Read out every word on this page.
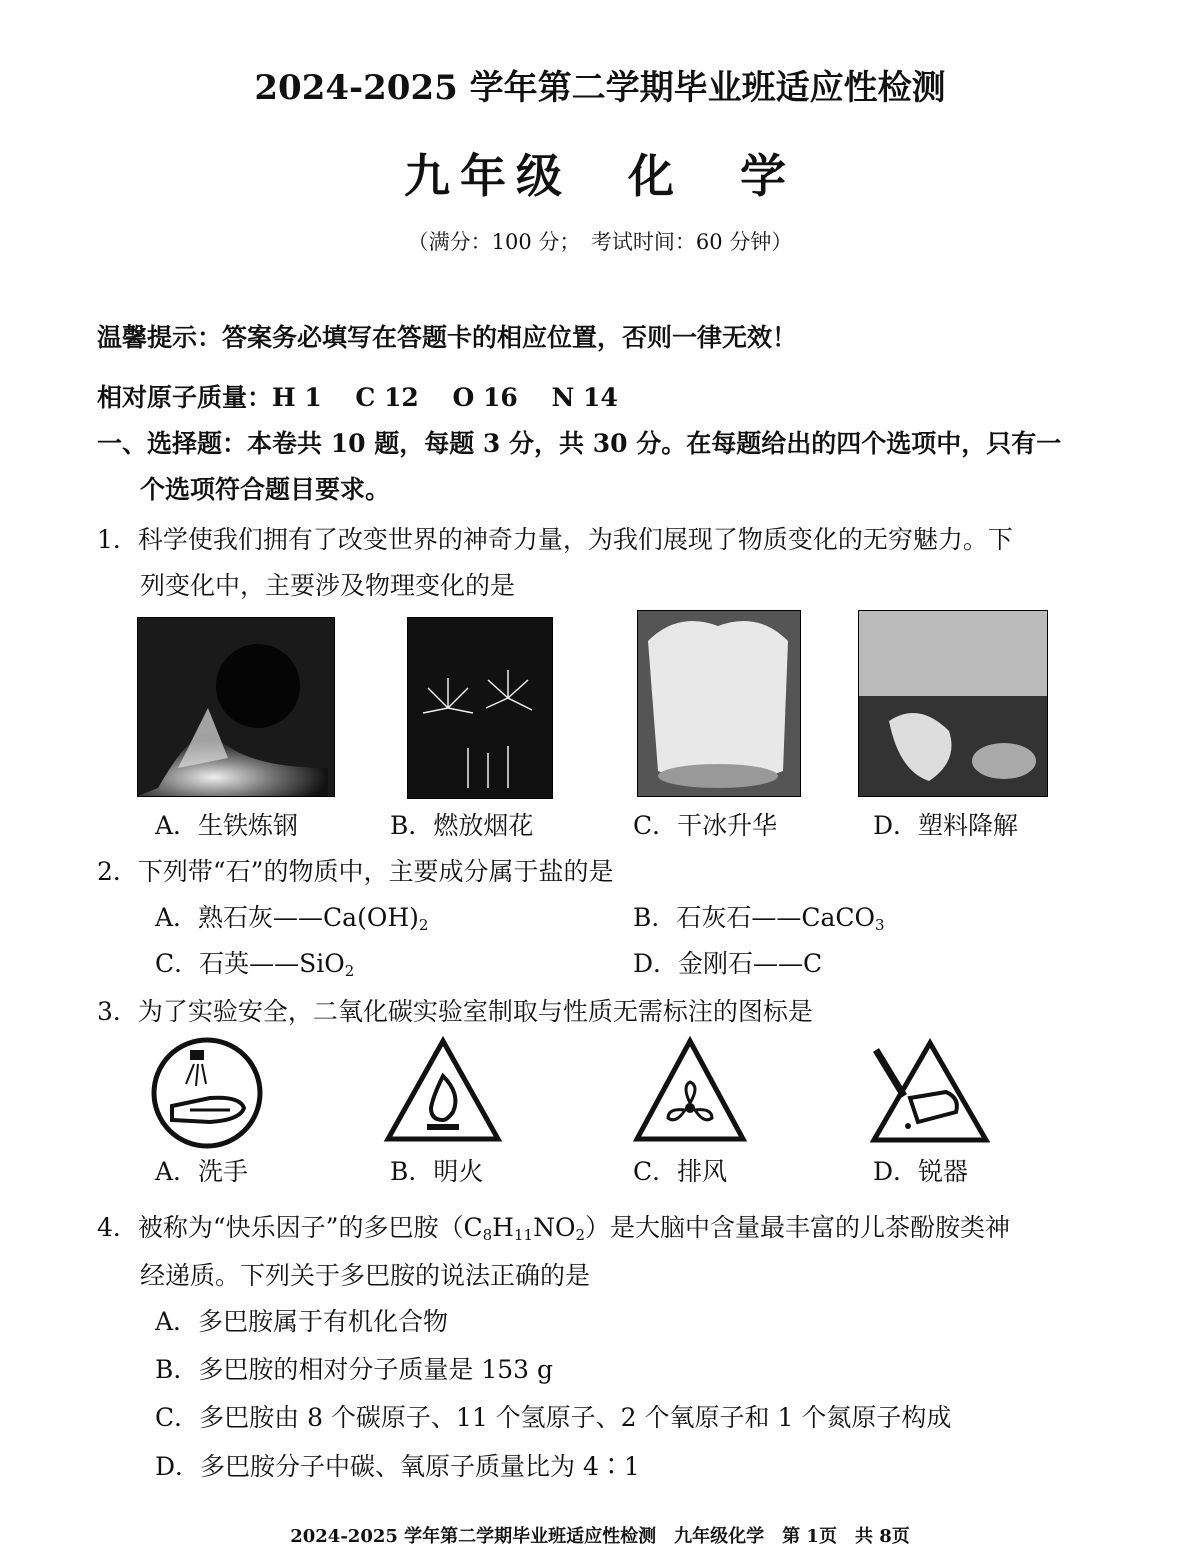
2024-2025 学年第二学期毕业班适应性检测
九年级　化　学
（满分：100 分；　考试时间：60 分钟）
温馨提示：答案务必填写在答题卡的相应位置，否则一律无效！
相对原子质量：H 1　 C 12　 O 16　 N 14
一、选择题：本卷共 10 题，每题 3 分，共 30 分。在每题给出的四个选项中，只有一
个选项符合题目要求。
1．科学使我们拥有了改变世界的神奇力量，为我们展现了物质变化的无穷魅力。下
列变化中，主要涉及物理变化的是
A．生铁炼钢	B．燃放烟花	C．干冰升华	D．塑料降解
2．下列带“石”的物质中，主要成分属于盐的是
A．熟石灰$——Ca(OH)_2$	B．石灰石——CaCO$_3$
C．石英——SiO$_2$	D．金刚石——C
3．为了实验安全，二氧化碳实验室制取与性质无需标注的图标是
A．洗手	B．明火	C．排风	D．锐器
4．被称为“快乐因子”的多巴胺$(C_8H_{11}NO_2)$是大脑中含量最丰富的儿茶酚胺类神
经递质。下列关于多巴胺的说法正确的是
A．多巴胺属于有机化合物
B．多巴胺的相对分子质量是 153 g
C．多巴胺由 8 个碳原子、11 个氢原子、2 个氧原子和 1 个氮原子构成
D．多巴胺分子中碳、氧原子质量比为 4∶1
2024-2025 学年第二学期毕业班适应性检测　九年级化学　第 1页　共 8页
